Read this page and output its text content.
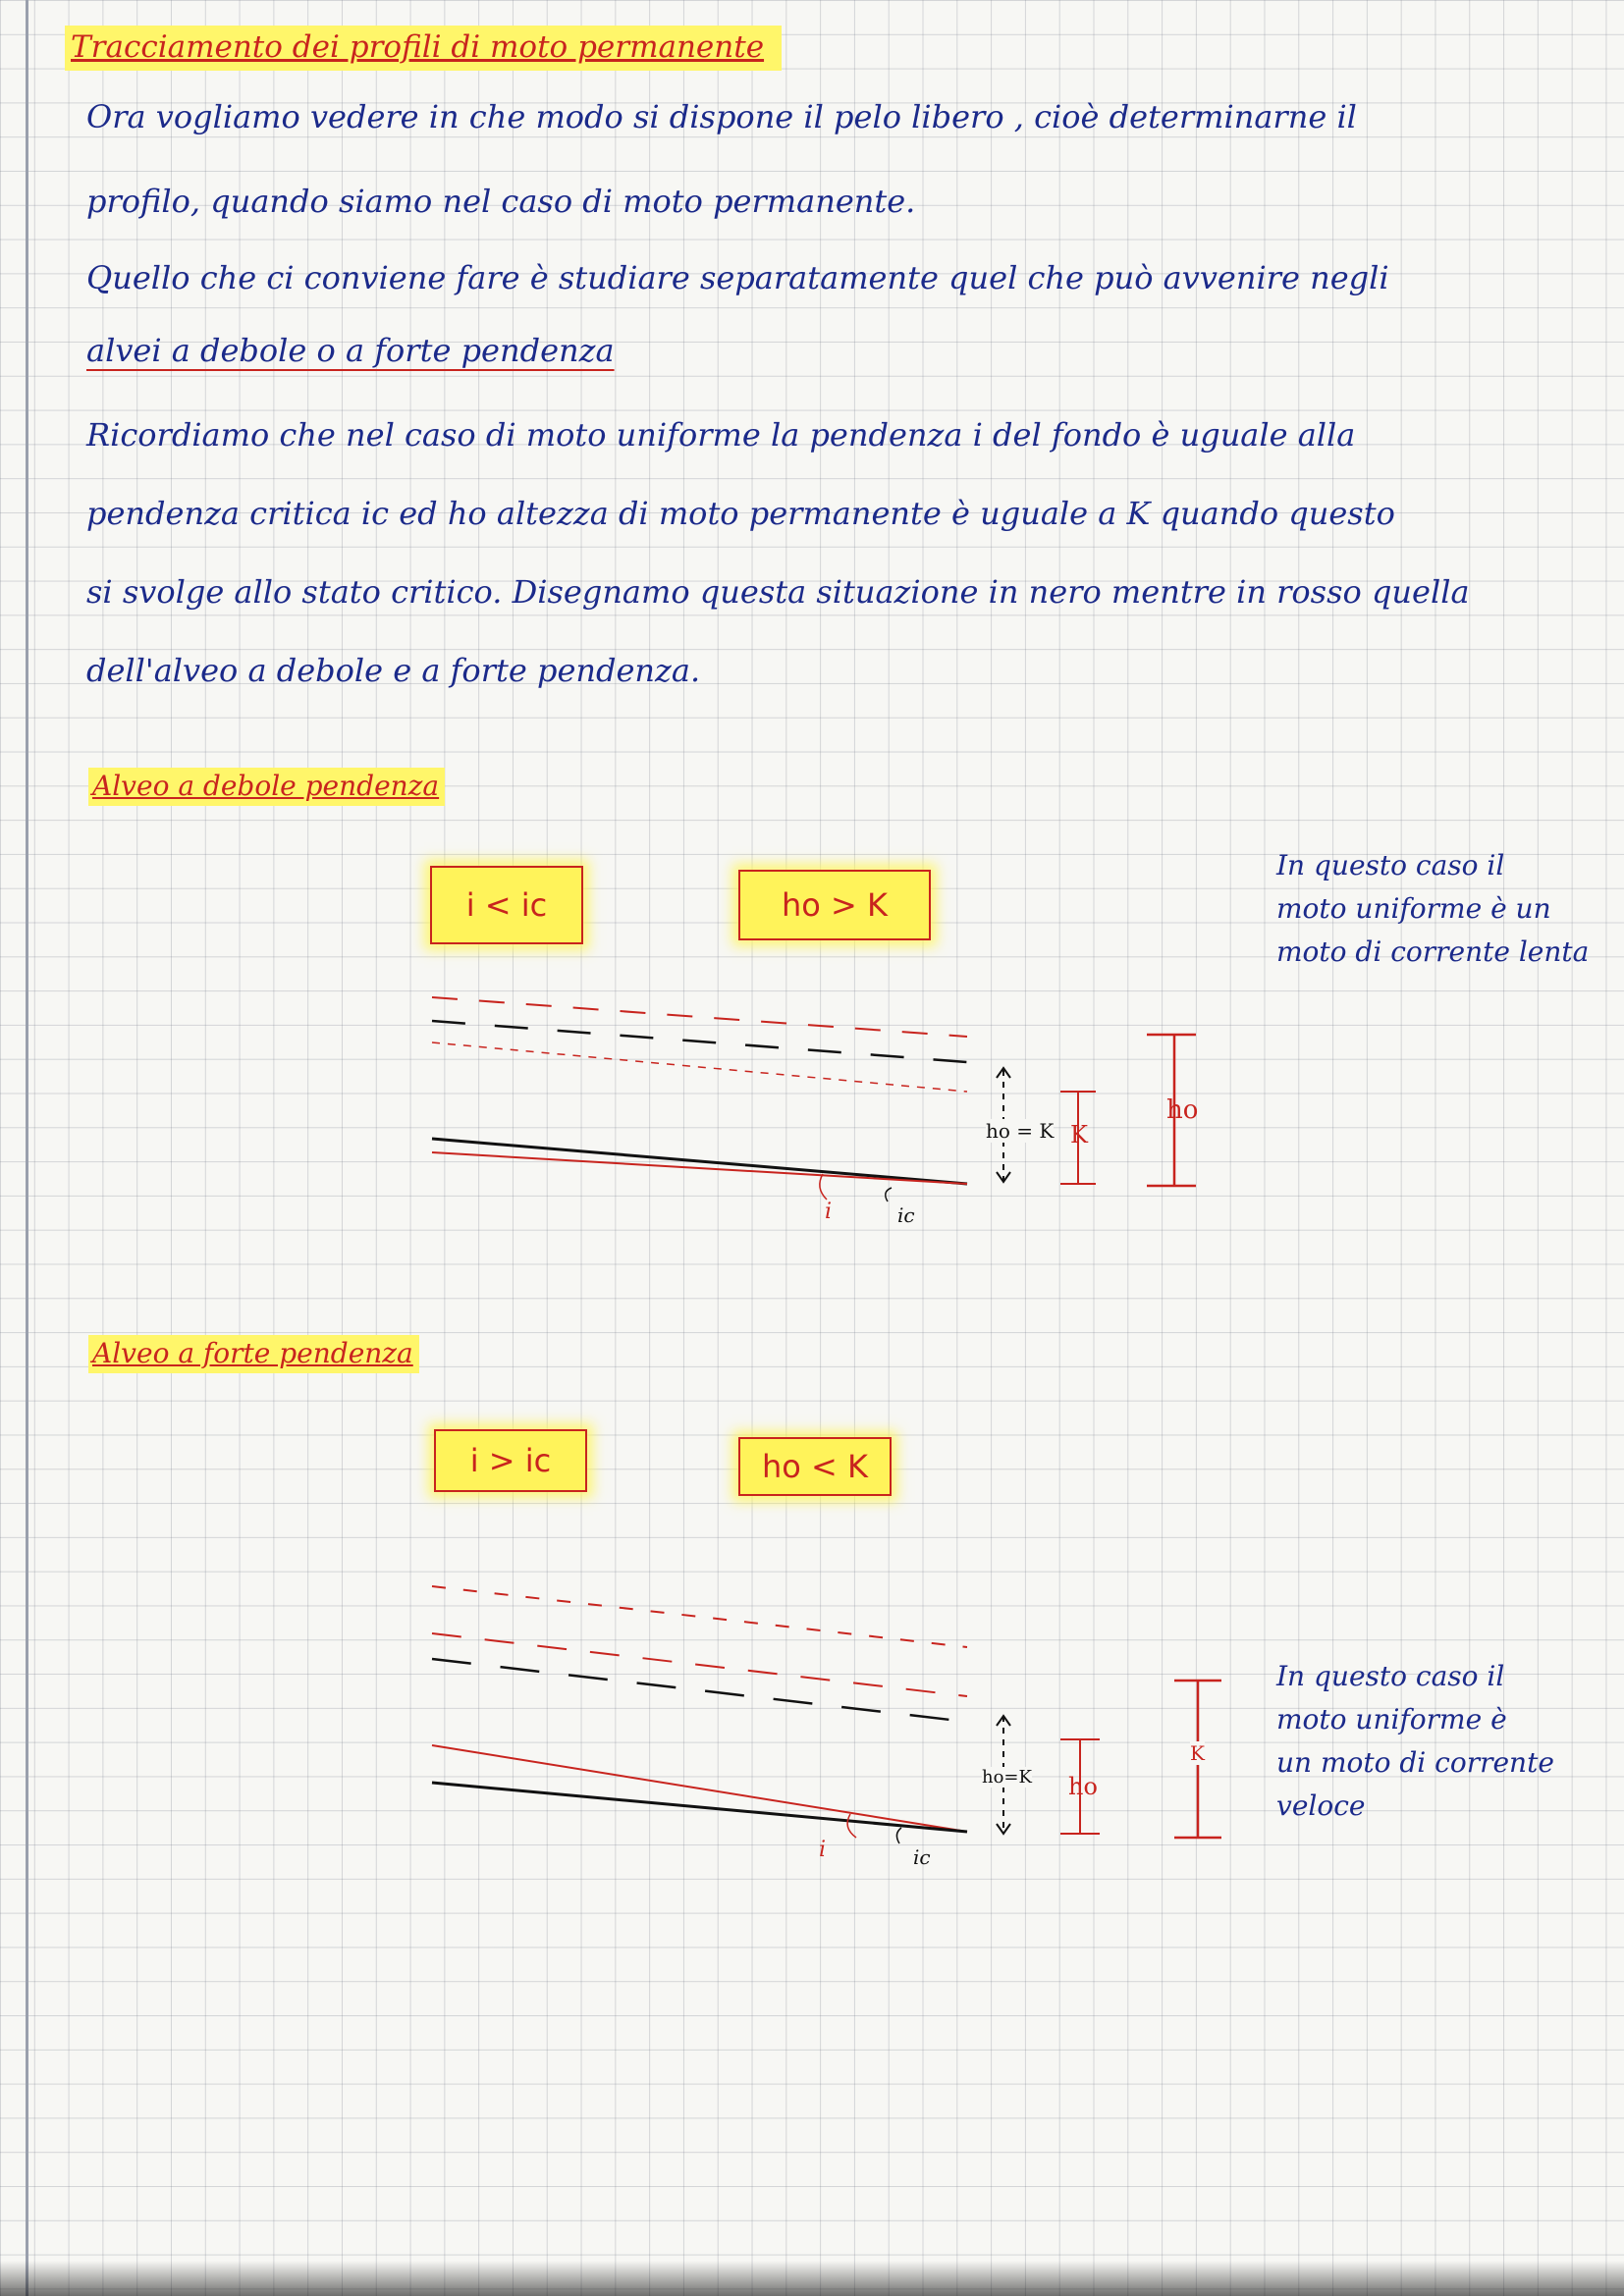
Tracciamento dei profili di moto permanente
Ora vogliamo vedere in che modo si dispone il pelo libero , cioè determinarne il
profilo, quando siamo nel caso di moto permanente.
Quello che ci conviene fare è studiare separatamente quel che può avvenire negli
alvei a debole o a forte pendenza
Ricordiamo che nel caso di moto uniforme la pendenza i del fondo è uguale alla
pendenza critica ic ed ho altezza di moto permanente è uguale a K quando questo
si svolge allo stato critico. Disegnamo questa situazione in nero mentre in rosso quella
dell'alveo a debole e a forte pendenza.
Alveo a debole pendenza
i < ic	ho > K
In questo caso il
moto uniforme è un
moto di corrente lenta
ho = K K
ho
i	ic
Alveo a forte pendenza
i > ic	ho < K
In questo caso il
moto uniforme è
un moto di corrente
veloce
ho=K ho
K
i	ic
